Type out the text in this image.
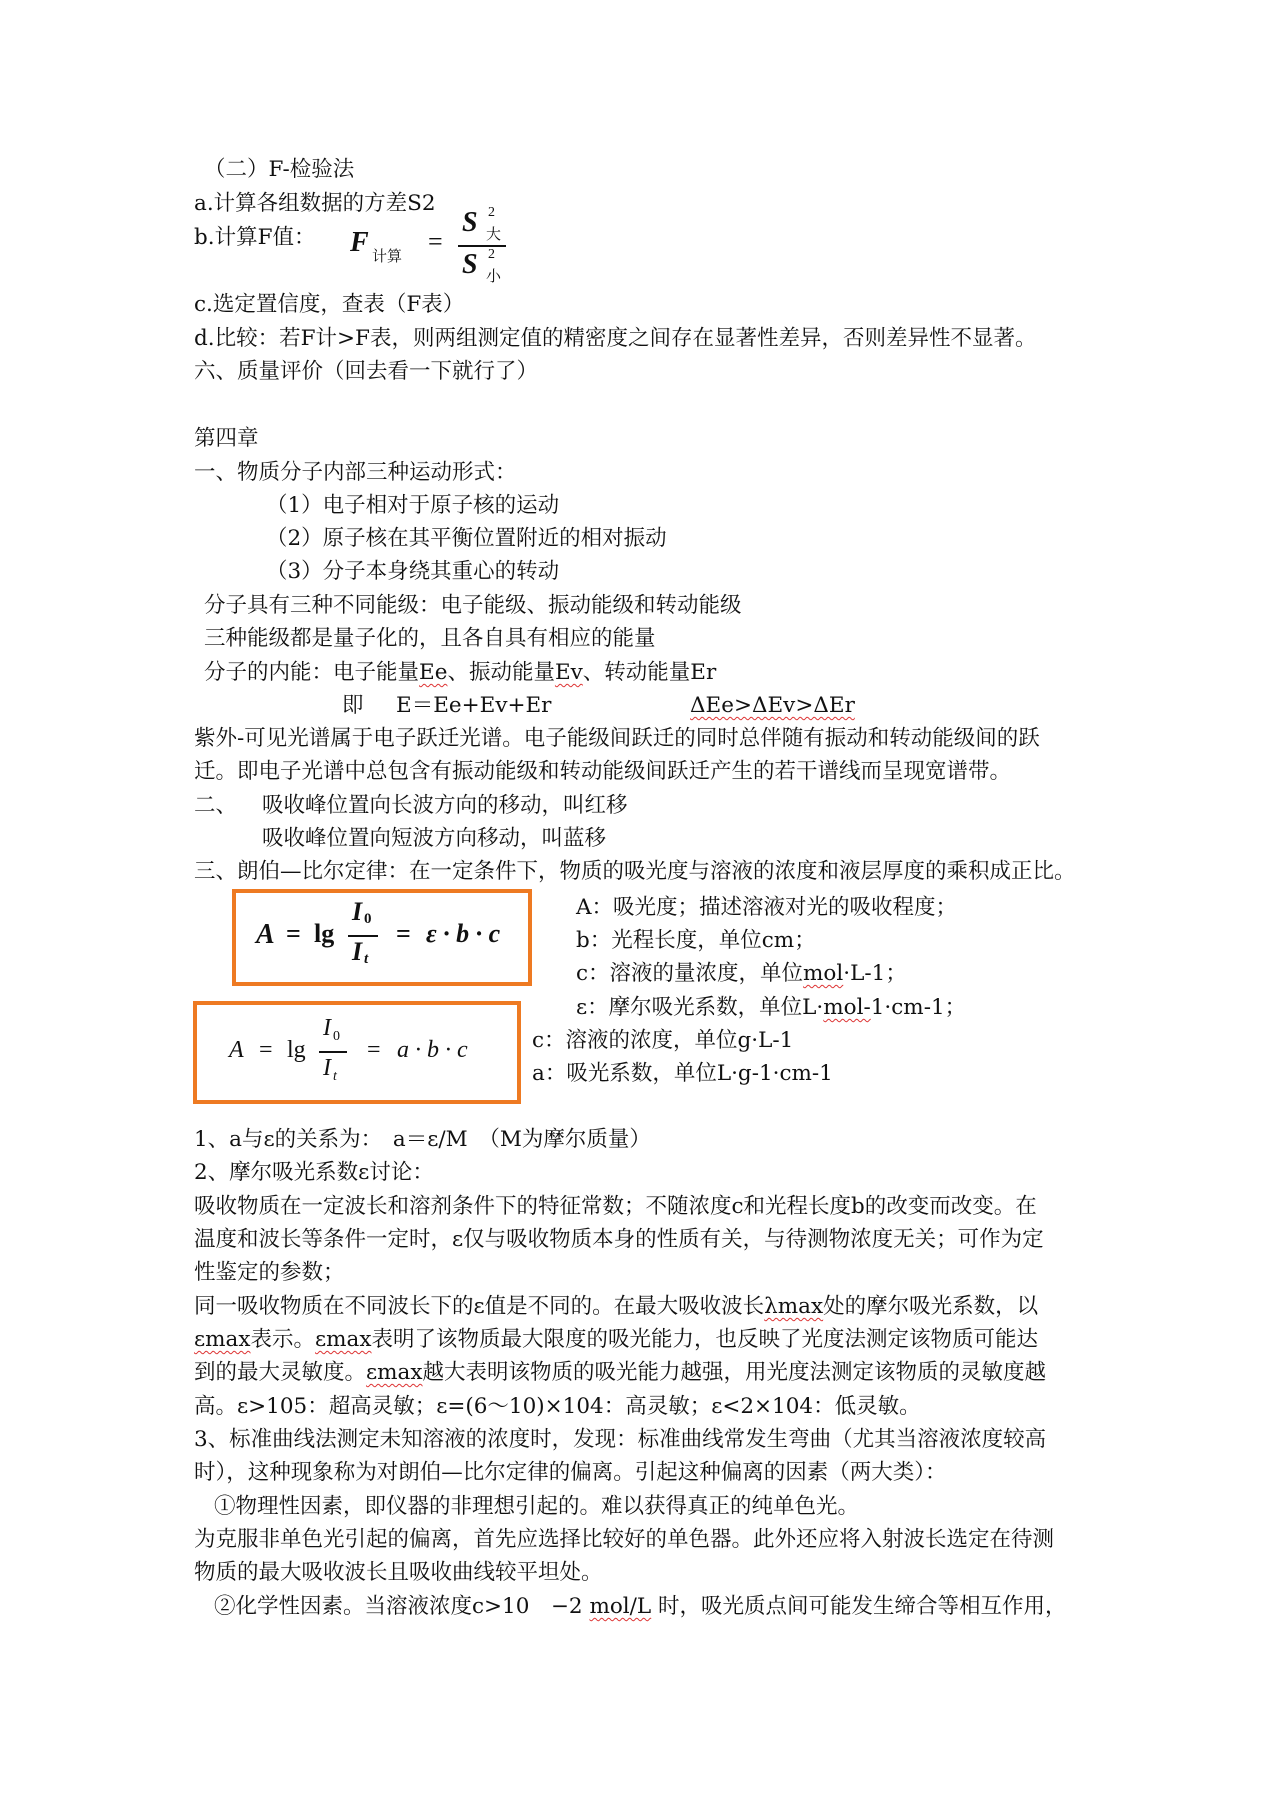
（二）F-检验法
a.计算各组数据的方差S2
b.计算F值： F 计算
=
S 2
大
S 2
小
c.选定置信度，查表（F表）
d.比较：若F计>F表，则两组测定值的精密度之间存在显著性差异，否则差异性不显著。
六、质量评价（回去看一下就行了）
第四章
一、物质分子内部三种运动形式：
（1）电子相对于原子核的运动
（2）原子核在其平衡位置附近的相对振动
（3）分子本身绕其重心的转动
分子具有三种不同能级：电子能级、振动能级和转动能级
三种能级都是量子化的，且各自具有相应的能量
分子的内能：电子能量Ee、振动能量Ev、转动能量Er
即 E＝Ee+Ev+Er	ΔEe>ΔEv>ΔEr
紫外-可见光谱属于电子跃迁光谱。电子能级间跃迁的同时总伴随有振动和转动能级间的跃
迁。即电子光谱中总包含有振动能级和转动能级间跃迁产生的若干谱线而呈现宽谱带。
二、 吸收峰位置向长波方向的移动，叫红移
吸收峰位置向短波方向移动，叫蓝移
三、朗伯—比尔定律：在一定条件下，物质的吸光度与溶液的浓度和液层厚度的乘积成正比。
A = lg
I 0
I t
= ε · b · c
A = lg
I 0
I t
= a · b · c
A：吸光度；描述溶液对光的吸收程度；
b：光程长度，单位cm；
c：溶液的量浓度，单位mol·L-1；
ε：摩尔吸光系数，单位L·mol-1·cm-1；
c：溶液的浓度，单位g·L-1
a：吸光系数，单位L·g-1·cm-1
1、a与ε的关系为：　a＝ε/M　（M为摩尔质量）
2、摩尔吸光系数ε讨论：
吸收物质在一定波长和溶剂条件下的特征常数；不随浓度c和光程长度b的改变而改变。在
温度和波长等条件一定时，ε仅与吸收物质本身的性质有关，与待测物浓度无关；可作为定
性鉴定的参数；
同一吸收物质在不同波长下的ε值是不同的。在最大吸收波长λmax处的摩尔吸光系数，以
εmax表示。εmax表明了该物质最大限度的吸光能力，也反映了光度法测定该物质可能达
到的最大灵敏度。εmax越大表明该物质的吸光能力越强，用光度法测定该物质的灵敏度越
高。ε>105：超高灵敏；ε=(6～10)×104：高灵敏；ε<2×104：低灵敏。
3、标准曲线法测定未知溶液的浓度时，发现：标准曲线常发生弯曲（尤其当溶液浓度较高
时），这种现象称为对朗伯—比尔定律的偏离。引起这种偏离的因素（两大类）：
①物理性因素，即仪器的非理想引起的。难以获得真正的纯单色光。
为克服非单色光引起的偏离，首先应选择比较好的单色器。此外还应将入射波长选定在待测
物质的最大吸收波长且吸收曲线较平坦处。
②化学性因素。当溶液浓度c>10　−2 mol/L 时，吸光质点间可能发生缔合等相互作用，
